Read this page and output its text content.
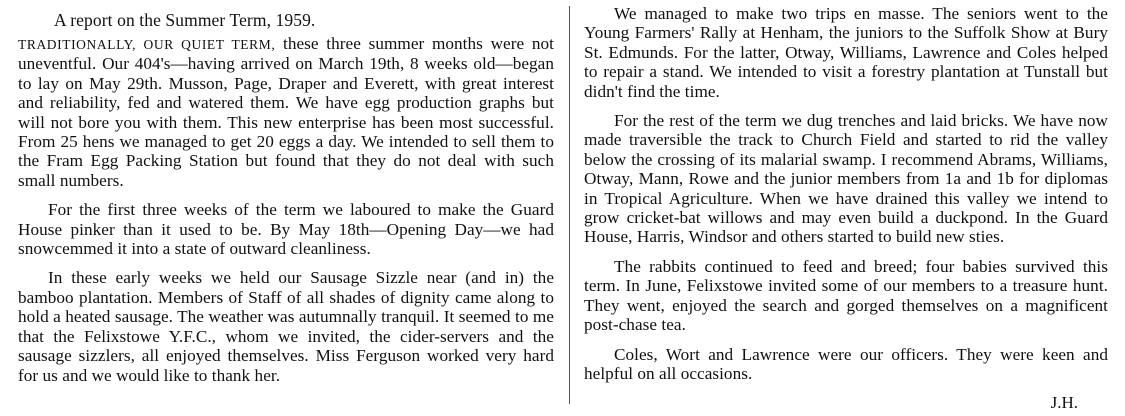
A report on the Summer Term, 1959.

TRADITIONALLY, OUR QUIET TERM, these three summer months were not uneventful. Our 404's—having arrived on March 19th, 8 weeks old—began to lay on May 29th. Musson, Page, Draper and Everett, with great interest and reliability, fed and watered them. We have egg production graphs but will not bore you with them. This new enterprise has been most successful. From 25 hens we managed to get 20 eggs a day. We intended to sell them to the Fram Egg Packing Station but found that they do not deal with such small numbers.

For the first three weeks of the term we laboured to make the Guard House pinker than it used to be. By May 18th—Opening Day—we had snowcemmed it into a state of outward cleanliness.

In these early weeks we held our Sausage Sizzle near (and in) the bamboo plantation. Members of Staff of all shades of dignity came along to hold a heated sausage. The weather was autumnally tranquil. It seemed to me that the Felixstowe Y.F.C., whom we invited, the cider-servers and the sausage sizzlers, all enjoyed themselves. Miss Ferguson worked very hard for us and we would like to thank her.

We managed to make two trips en masse. The seniors went to the Young Farmers' Rally at Henham, the juniors to the Suffolk Show at Bury St. Edmunds. For the latter, Otway, Williams, Lawrence and Coles helped to repair a stand. We intended to visit a forestry plantation at Tunstall but didn't find the time.

For the rest of the term we dug trenches and laid bricks. We have now made traversible the track to Church Field and started to rid the valley below the crossing of its malarial swamp. I recommend Abrams, Williams, Otway, Mann, Rowe and the junior members from 1a and 1b for diplomas in Tropical Agriculture. When we have drained this valley we intend to grow cricket-bat willows and may even build a duckpond. In the Guard House, Harris, Windsor and others started to build new sties.

The rabbits continued to feed and breed; four babies survived this term. In June, Felixstowe invited some of our members to a treasure hunt. They went, enjoyed the search and gorged themselves on a magnificent post-chase tea.

Coles, Wort and Lawrence were our officers. They were keen and helpful on all occasions.

J.H.
